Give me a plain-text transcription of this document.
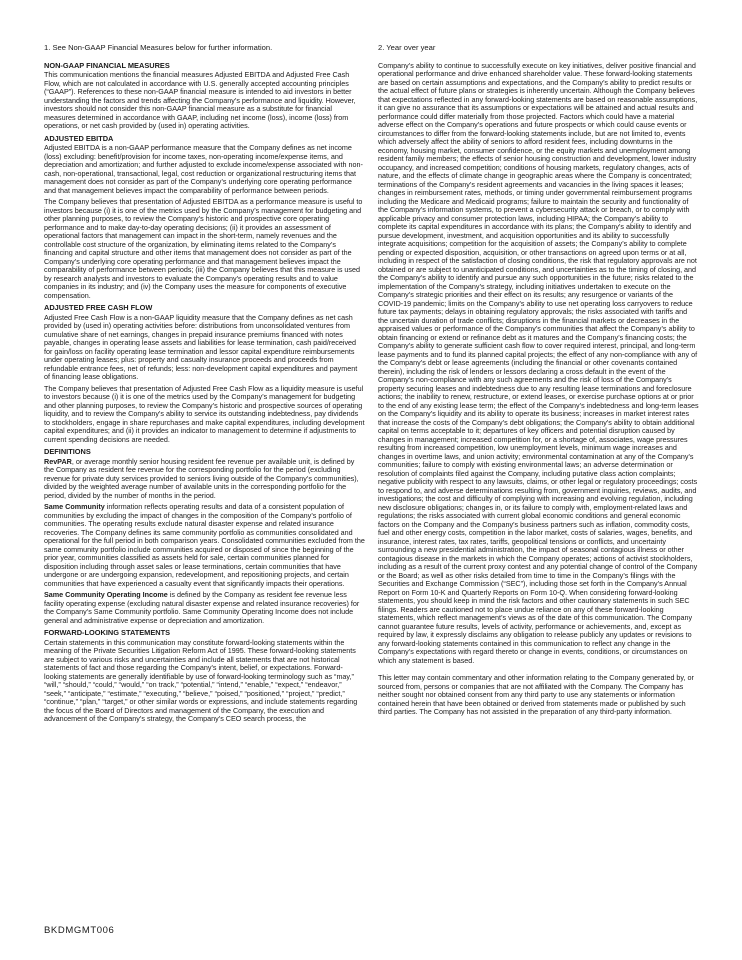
1. See Non-GAAP Financial Measures below for further information.

NON-GAAP FINANCIAL MEASURES

This communication mentions the financial measures Adjusted EBITDA and Adjusted Free Cash Flow, which are not calculated in accordance with U.S. generally accepted accounting principles (“GAAP”). References to these non-GAAP financial measure is intended to aid investors in better understanding the factors and trends affecting the Company’s performance and liquidity. However, investors should not consider this non-GAAP financial measure as a substitute for financial measures determined in accordance with GAAP, including net income (loss), income (loss) from operations, or net cash provided by (used in) operating activities.

ADJUSTED EBITDA

Adjusted EBITDA is a non-GAAP performance measure that the Company defines as net income (loss) excluding: benefit/provision for income taxes, non-operating income/expense items, and depreciation and amortization; and further adjusted to exclude income/expense associated with non-cash, non-operational, transactional, legal, cost reduction or organizational restructuring items that management does not consider as part of the Company’s underlying core operating performance and that management believes impact the comparability of performance between periods.

The Company believes that presentation of Adjusted EBITDA as a performance measure is useful to investors because (i) it is one of the metrics used by the Company’s management for budgeting and other planning purposes, to review the Company’s historic and prospective core operating performance and to make day-to-day operating decisions; (ii) it provides an assessment of operational factors that management can impact in the short-term, namely revenues and the controllable cost structure of the organization, by eliminating items related to the Company’s financing and capital structure and other items that management does not consider as part of the Company’s underlying core operating performance and that management believes impact the comparability of performance between periods; (iii) the Company believes that this measure is used by research analysts and investors to evaluate the Company’s operating results and to value companies in its industry; and (iv) the Company uses the measure for components of executive compensation.

ADJUSTED FREE CASH FLOW

Adjusted Free Cash Flow is a non-GAAP liquidity measure that the Company defines as net cash provided by (used in) operating activities before: distributions from unconsolidated ventures from cumulative share of net earnings, changes in prepaid insurance premiums financed with notes payable, changes in operating lease assets and liabilities for lease termination, cash paid/received for gain/loss on facility operating lease termination and lessor capital expenditure reimbursements under operating leases; plus: property and casualty insurance proceeds and proceeds from refundable entrance fees, net of refunds; less: non-development capital expenditures and payment of financing lease obligations.

The Company believes that presentation of Adjusted Free Cash Flow as a liquidity measure is useful to investors because (i) it is one of the metrics used by the Company’s management for budgeting and other planning purposes, to review the Company’s historic and prospective sources of operating liquidity, and to review the Company’s ability to service its outstanding indebtedness, pay dividends to stockholders, engage in share repurchases and make capital expenditures, including development capital expenditures; and (ii) it provides an indicator to management to determine if adjustments to current spending decisions are needed.

DEFINITIONS

RevPAR, or average monthly senior housing resident fee revenue per available unit, is defined by the Company as resident fee revenue for the corresponding portfolio for the period (excluding revenue for private duty services provided to seniors living outside of the Company’s communities), divided by the weighted average number of available units in the corresponding portfolio for the period, divided by the number of months in the period.

Same Community information reflects operating results and data of a consistent population of communities by excluding the impact of changes in the composition of the Company’s portfolio of communities. The operating results exclude natural disaster expense and related insurance recoveries. The Company defines its same community portfolio as communities consolidated and operational for the full period in both comparison years. Consolidated communities excluded from the same community portfolio include communities acquired or disposed of since the beginning of the prior year, communities classified as assets held for sale, certain communities planned for disposition including through asset sales or lease terminations, certain communities that have undergone or are undergoing expansion, redevelopment, and repositioning projects, and certain communities that have experienced a casualty event that significantly impacts their operations.

Same Community Operating Income is defined by the Company as resident fee revenue less facility operating expense (excluding natural disaster expense and related insurance recoveries) for the Company’s Same Community portfolio. Same Community Operating Income does not include general and administrative expense or depreciation and amortization.

FORWARD-LOOKING STATEMENTS

Certain statements in this communication may constitute forward-looking statements within the meaning of the Private Securities Litigation Reform Act of 1995. These forward-looking statements are subject to various risks and uncertainties and include all statements that are not historical statements of fact and those regarding the Company’s intent, belief, or expectations. Forward-looking statements are generally identifiable by use of forward-looking terminology such as “may,” “will,” “should,” “could,” “would,” “on track,” “potential,” “intend,” “enable,” “expect,” “endeavor,” “seek,” “anticipate,” “estimate,” “executing,” “believe,” “poised,” “positioned,” “project,” “predict,” “continue,” “plan,” “target,” or other similar words or expressions, and include statements regarding the focus of the Board of Directors and management of the Company, the execution and advancement of the Company’s strategy, the Company’s CEO search process, the

2. Year over year

Company’s ability to continue to successfully execute on key initiatives, deliver positive financial and operational performance and drive enhanced shareholder value. These forward-looking statements are based on certain assumptions and expectations, and the Company’s ability to predict results or the actual effect of future plans or strategies is inherently uncertain. Although the Company believes that expectations reflected in any forward-looking statements are based on reasonable assumptions, it can give no assurance that its assumptions or expectations will be attained and actual results and performance could differ materially from those projected. Factors which could have a material adverse effect on the Company’s operations and future prospects or which could cause events or circumstances to differ from the forward-looking statements include, but are not limited to, events which adversely affect the ability of seniors to afford resident fees, including downturns in the economy, housing market, consumer confidence, or the equity markets and unemployment among resident family members; the effects of senior housing construction and development, lower industry occupancy, and increased competition; conditions of housing markets, regulatory changes, acts of nature, and the effects of climate change in geographic areas where the Company is concentrated; terminations of the Company’s resident agreements and vacancies in the living spaces it leases; changes in reimbursement rates, methods, or timing under governmental reimbursement programs including the Medicare and Medicaid programs; failure to maintain the security and functionality of the Company’s information systems, to prevent a cybersecurity attack or breach, or to comply with applicable privacy and consumer protection laws, including HIPAA; the Company’s ability to complete its capital expenditures in accordance with its plans; the Company’s ability to identify and pursue development, investment, and acquisition opportunities and its ability to successfully integrate acquisitions; competition for the acquisition of assets; the Company’s ability to complete pending or expected disposition, acquisition, or other transactions on agreed upon terms or at all, including in respect of the satisfaction of closing conditions, the risk that regulatory approvals are not obtained or are subject to unanticipated conditions, and uncertainties as to the timing of closing, and the Company’s ability to identify and pursue any such opportunities in the future; risks related to the implementation of the Company’s strategy, including initiatives undertaken to execute on the Company’s strategic priorities and their effect on its results; any resurgence or variants of the COVID-19 pandemic; limits on the Company’s ability to use net operating loss carryovers to reduce future tax payments; delays in obtaining regulatory approvals; the risks associated with tariffs and the uncertain duration of trade conflicts; disruptions in the financial markets or decreases in the appraised values or performance of the Company’s communities that affect the Company’s ability to obtain financing or extend or refinance debt as it matures and the Company’s financing costs; the Company’s ability to generate sufficient cash flow to cover required interest, principal, and long-term lease payments and to fund its planned capital projects; the effect of any non-compliance with any of the Company’s debt or lease agreements (including the financial or other covenants contained therein), including the risk of lenders or lessors declaring a cross default in the event of the Company’s non-compliance with any such agreements and the risk of loss of the Company’s property securing leases and indebtedness due to any resulting lease terminations and foreclosure actions; the inability to renew, restructure, or extend leases, or exercise purchase options at or prior to the end of any existing lease term; the effect of the Company’s indebtedness and long-term leases on the Company’s liquidity and its ability to operate its business; increases in market interest rates that increase the costs of the Company’s debt obligations; the Company’s ability to obtain additional capital on terms acceptable to it; departures of key officers and potential disruption caused by changes in management; increased competition for, or a shortage of, associates, wage pressures resulting from increased competition, low unemployment levels, minimum wage increases and changes in overtime laws, and union activity; environmental contamination at any of the Company’s communities; failure to comply with existing environmental laws; an adverse determination or resolution of complaints filed against the Company, including putative class action complaints; negative publicity with respect to any lawsuits, claims, or other legal or regulatory proceedings; costs to respond to, and adverse determinations resulting from, government inquiries, reviews, audits, and investigations; the cost and difficulty of complying with increasing and evolving regulation, including new disclosure obligations; changes in, or its failure to comply with, employment-related laws and regulations; the risks associated with current global economic conditions and general economic factors on the Company and the Company’s business partners such as inflation, commodity costs, fuel and other energy costs, competition in the labor market, costs of salaries, wages, benefits, and insurance, interest rates, tax rates, tariffs, geopolitical tensions or conflicts, and uncertainty surrounding a new presidential administration, the impact of seasonal contagious illness or other contagious disease in the markets in which the Company operates; actions of activist stockholders, including as a result of the current proxy contest and any potential change of control of the Company or the Board; as well as other risks detailed from time to time in the Company’s filings with the Securities and Exchange Commission (“SEC”), including those set forth in the Company’s Annual Report on Form 10-K and Quarterly Reports on Form 10-Q. When considering forward-looking statements, you should keep in mind the risk factors and other cautionary statements in such SEC filings. Readers are cautioned not to place undue reliance on any of these forward-looking statements, which reflect management’s views as of the date of this communication. The Company cannot guarantee future results, levels of activity, performance or achievements, and, except as required by law, it expressly disclaims any obligation to release publicly any updates or revisions to any forward-looking statements contained in this communication to reflect any change in the Company’s expectations with regard thereto or change in events, conditions, or circumstances on which any statement is based.

This letter may contain commentary and other information relating to the Company generated by, or sourced from, persons or companies that are not affiliated with the Company. The Company has neither sought nor obtained consent from any third party to use any statements or information contained herein that have been obtained or derived from statements made or published by such third parties. The Company has not assisted in the preparation of any third-party information.

BKDMGMT006
